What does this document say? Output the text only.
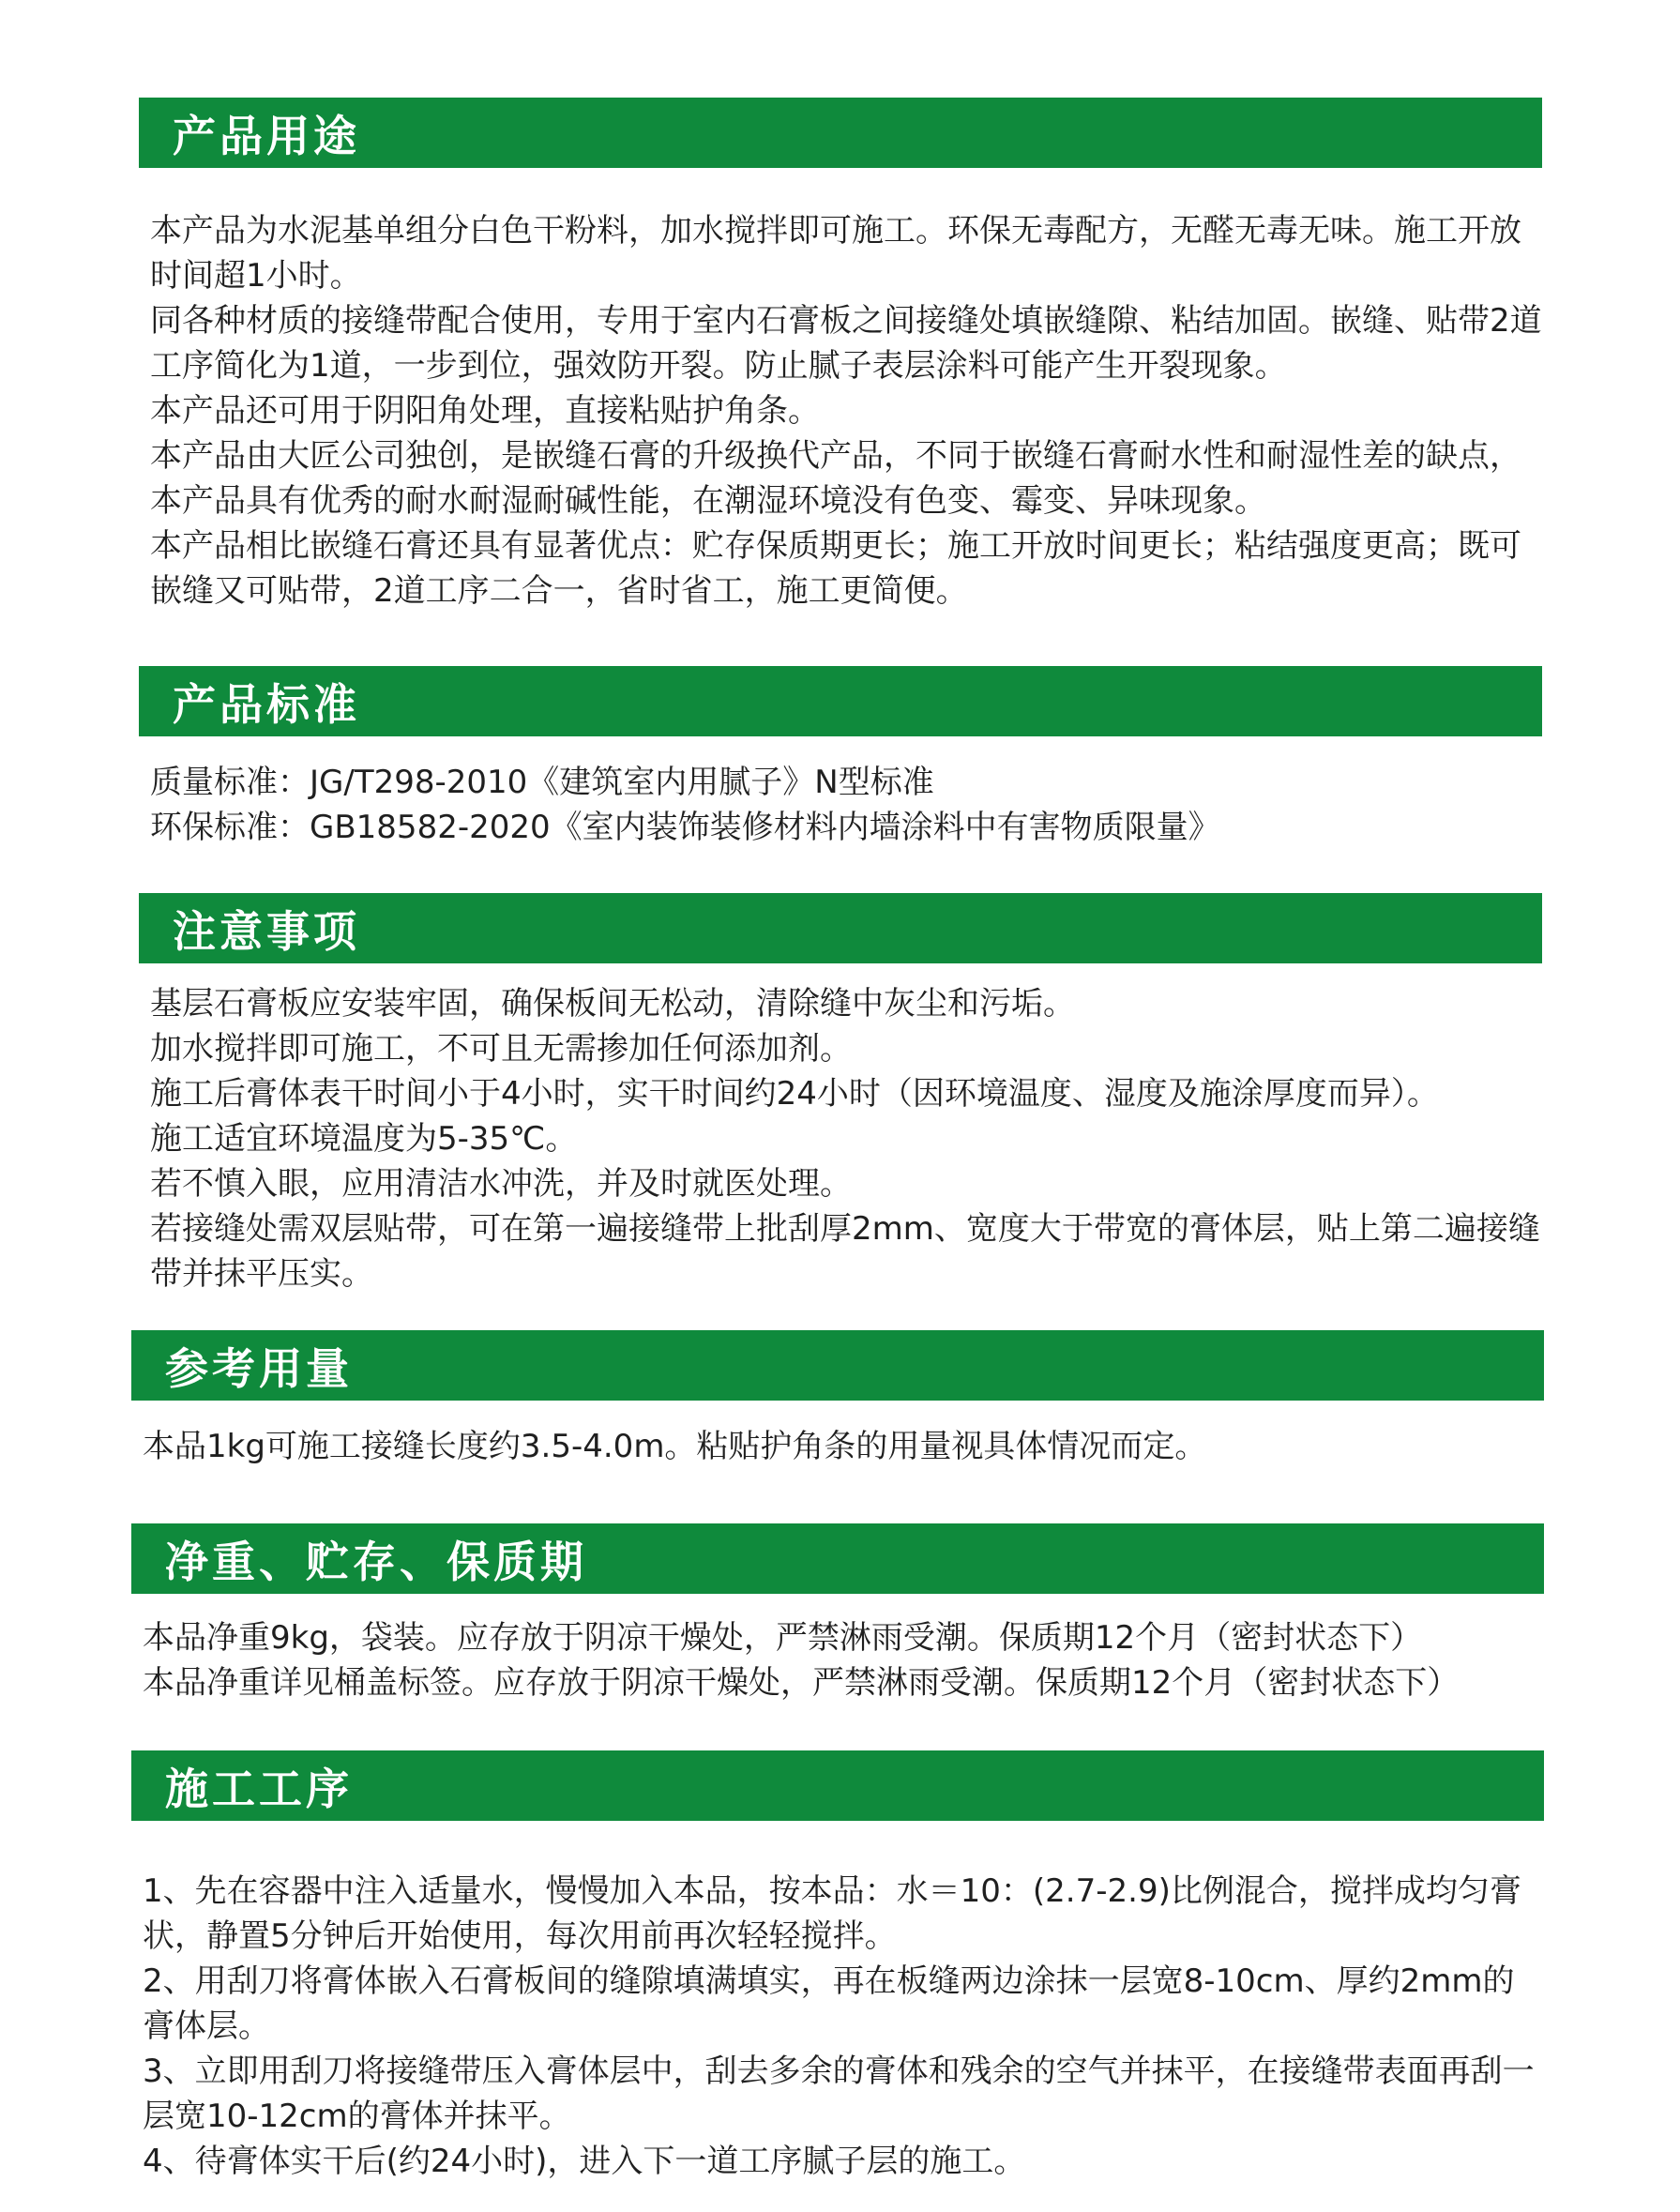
产品用途

本产品为水泥基单组分白色干粉料，加水搅拌即可施工。环保无毒配方，无醛无毒无味。施工开放时间超1小时。

同各种材质的接缝带配合使用，专用于室内石膏板之间接缝处填嵌缝隙、粘结加固。嵌缝、贴带2道工序简化为1道，一步到位，强效防开裂。防止腻子表层涂料可能产生开裂现象。

本产品还可用于阴阳角处理，直接粘贴护角条。

本产品由大匠公司独创，是嵌缝石膏的升级换代产品，不同于嵌缝石膏耐水性和耐湿性差的缺点，本产品具有优秀的耐水耐湿耐碱性能，在潮湿环境没有色变、霉变、异味现象。

本产品相比嵌缝石膏还具有显著优点：贮存保质期更长；施工开放时间更长；粘结强度更高；既可嵌缝又可贴带，2道工序二合一，省时省工，施工更简便。

产品标准

质量标准：JG/T298-2010《建筑室内用腻子》N型标准

环保标准：GB18582-2020《室内装饰装修材料内墙涂料中有害物质限量》

注意事项

基层石膏板应安装牢固，确保板间无松动，清除缝中灰尘和污垢。

加水搅拌即可施工，不可且无需掺加任何添加剂。

施工后膏体表干时间小于4小时，实干时间约24小时（因环境温度、湿度及施涂厚度而异）。

施工适宜环境温度为5-35℃。

若不慎入眼，应用清洁水冲洗，并及时就医处理。

若接缝处需双层贴带，可在第一遍接缝带上批刮厚2mm、宽度大于带宽的膏体层，贴上第二遍接缝带并抹平压实。

参考用量

本品1kg可施工接缝长度约3.5-4.0m。粘贴护角条的用量视具体情况而定。

净重、贮存、保质期

本品净重9kg，袋装。应存放于阴凉干燥处，严禁淋雨受潮。保质期12个月（密封状态下）

本品净重详见桶盖标签。应存放于阴凉干燥处，严禁淋雨受潮。保质期12个月（密封状态下）

施工工序

1、先在容器中注入适量水，慢慢加入本品，按本品：水＝10：(2.7-2.9)比例混合，搅拌成均匀膏状，静置5分钟后开始使用，每次用前再次轻轻搅拌。

2、用刮刀将膏体嵌入石膏板间的缝隙填满填实，再在板缝两边涂抹一层宽8-10cm、厚约2mm的膏体层。

3、立即用刮刀将接缝带压入膏体层中，刮去多余的膏体和残余的空气并抹平，在接缝带表面再刮一层宽10-12cm的膏体并抹平。

4、待膏体实干后(约24小时)，进入下一道工序腻子层的施工。
